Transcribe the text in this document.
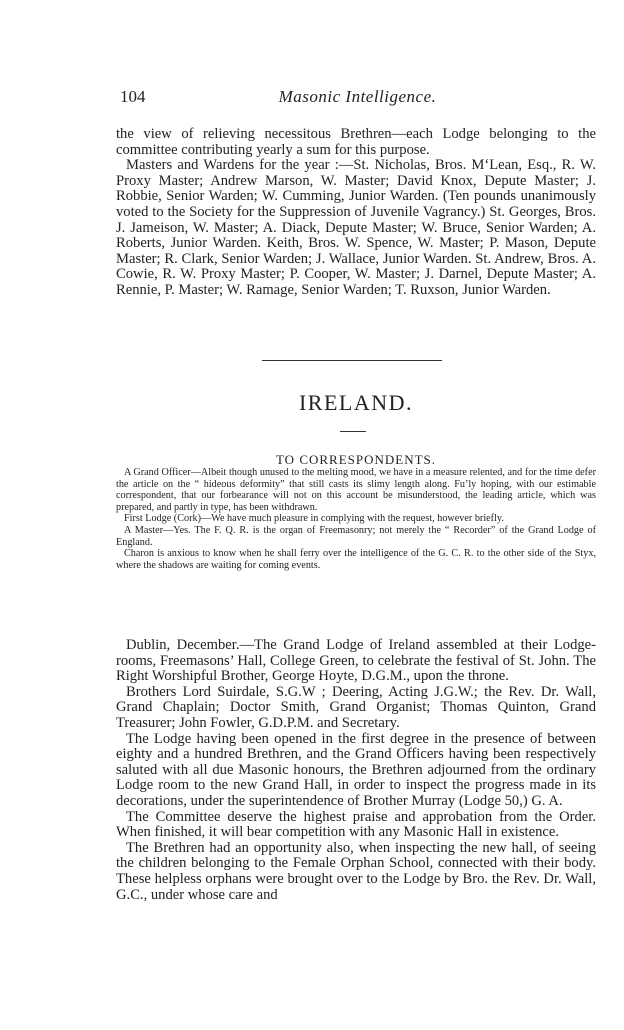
104	Masonic Intelligence.

the view of relieving necessitous Brethren—each Lodge belonging to the committee contributing yearly a sum for this purpose.

Masters and Wardens for the year :—St. Nicholas, Bros. M‘Lean, Esq., R. W. Proxy Master; Andrew Marson, W. Master; David Knox, Depute Master; J. Robbie, Senior Warden; W. Cumming, Junior Warden. (Ten pounds unanimously voted to the Society for the Suppression of Juvenile Vagrancy.) St. Georges, Bros. J. Jameison, W. Master; A. Diack, Depute Master; W. Bruce, Senior Warden; A. Roberts, Junior Warden. Keith, Bros. W. Spence, W. Master; P. Mason, Depute Master; R. Clark, Senior Warden; J. Wallace, Junior Warden. St. Andrew, Bros. A. Cowie, R. W. Proxy Master; P. Cooper, W. Master; J. Darnel, Depute Master; A. Rennie, P. Master; W. Ramage, Senior Warden; T. Ruxson, Junior Warden.

IRELAND.
TO CORRESPONDENTS.

A Grand Officer—Albeit though unused to the melting mood, we have in a measure relented, and for the time defer the article on the “ hideous deformity” that still casts its slimy length along. Fu’ly hoping, with our estimable correspondent, that our forbearance will not on this account be misunderstood, the leading article, which was prepared, and partly in type, has been withdrawn.

First Lodge (Cork)—We have much pleasure in complying with the request, however briefly.

A Master—Yes. The F. Q. R. is the organ of Freemasonry; not merely the “ Recorder” of the Grand Lodge of England.

Charon is anxious to know when he shall ferry over the intelligence of the G. C. R. to the other side of the Styx, where the shadows are waiting for coming events.

Dublin, December.—The Grand Lodge of Ireland assembled at their Lodge-rooms, Freemasons’ Hall, College Green, to celebrate the festival of St. John. The Right Worshipful Brother, George Hoyte, D.G.M., upon the throne.

Brothers Lord Suirdale, S.G.W ; Deering, Acting J.G.W.; the Rev. Dr. Wall, Grand Chaplain; Doctor Smith, Grand Organist; Thomas Quinton, Grand Treasurer; John Fowler, G.D.P.M. and Secretary.

The Lodge having been opened in the first degree in the presence of between eighty and a hundred Brethren, and the Grand Officers having been respectively saluted with all due Masonic honours, the Brethren adjourned from the ordinary Lodge room to the new Grand Hall, in order to inspect the progress made in its decorations, under the superintendence of Brother Murray (Lodge 50,) G. A.

The Committee deserve the highest praise and approbation from the Order. When finished, it will bear competition with any Masonic Hall in existence.

The Brethren had an opportunity also, when inspecting the new hall, of seeing the children belonging to the Female Orphan School, connected with their body. These helpless orphans were brought over to the Lodge by Bro. the Rev. Dr. Wall, G.C., under whose care and
